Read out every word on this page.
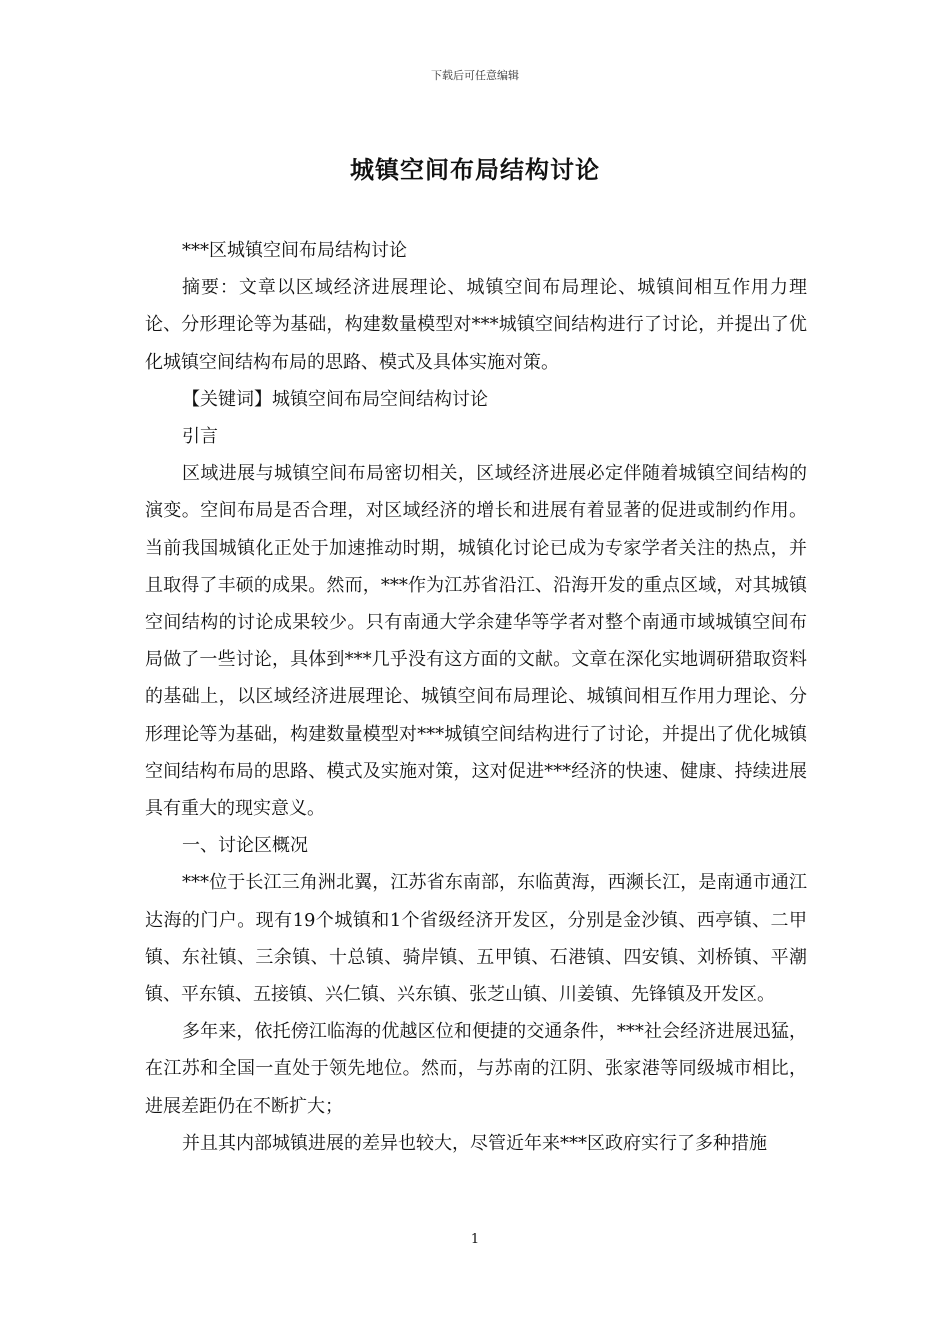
下载后可任意编辑
城镇空间布局结构讨论

***区城镇空间布局结构讨论

摘要：文章以区域经济进展理论、城镇空间布局理论、城镇间相互作用力理论、分形理论等为基础，构建数量模型对***城镇空间结构进行了讨论，并提出了优化城镇空间结构布局的思路、模式及具体实施对策。

【关键词】城镇空间布局空间结构讨论

引言

区域进展与城镇空间布局密切相关，区域经济进展必定伴随着城镇空间结构的演变。空间布局是否合理，对区域经济的增长和进展有着显著的促进或制约作用。当前我国城镇化正处于加速推动时期，城镇化讨论已成为专家学者关注的热点，并且取得了丰硕的成果。然而，***作为江苏省沿江、沿海开发的重点区域，对其城镇空间结构的讨论成果较少。只有南通大学余建华等学者对整个南通市域城镇空间布局做了一些讨论，具体到***几乎没有这方面的文献。文章在深化实地调研猎取资料的基础上，以区域经济进展理论、城镇空间布局理论、城镇间相互作用力理论、分形理论等为基础，构建数量模型对***城镇空间结构进行了讨论，并提出了优化城镇空间结构布局的思路、模式及实施对策，这对促进***经济的快速、健康、持续进展具有重大的现实意义。

一、讨论区概况

***位于长江三角洲北翼，江苏省东南部，东临黄海，西濒长江，是南通市通江达海的门户。现有19个城镇和1个省级经济开发区，分别是金沙镇、西亭镇、二甲镇、东社镇、三余镇、十总镇、骑岸镇、五甲镇、石港镇、四安镇、刘桥镇、平潮镇、平东镇、五接镇、兴仁镇、兴东镇、张芝山镇、川姜镇、先锋镇及开发区。

多年来，依托傍江临海的优越区位和便捷的交通条件，***社会经济进展迅猛，在江苏和全国一直处于领先地位。然而，与苏南的江阴、张家港等同级城市相比，进展差距仍在不断扩大；

并且其内部城镇进展的差异也较大，尽管近年来***区政府实行了多种措施

1
